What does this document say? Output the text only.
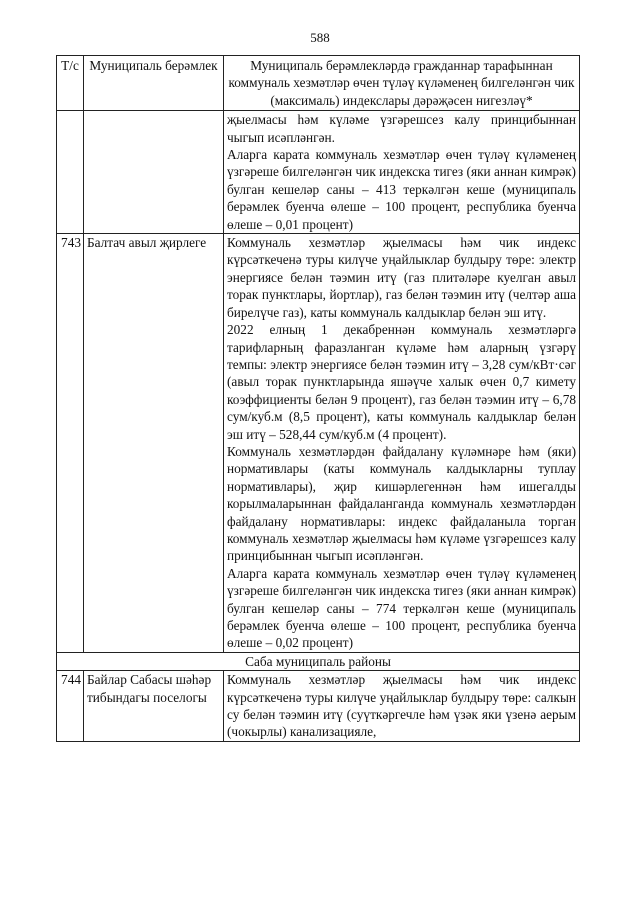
588
Т/с	Муниципаль берәмлек	Муниципаль берәмлекләрдә гражданнар тарафыннан коммуналь хезмәтләр өчен түләү күләменең билгеләнгән чик (максималь) индекслары дәрәҗәсен нигезләү*

		җыелмасы һәм күләме үзгәрешсез калу принцибыннан чыгып исәпләнгән.

Аларга карата коммуналь хезмәтләр өчен түләү күләменең үзгәреше билгеләнгән чик индекска тигез (яки аннан кимрәк) булган кешеләр саны – 413 теркәлгән кеше (муниципаль берәмлек буенча өлеше – 100 процент, республика буенча өлеше – 0,01 процент)

743	Балтач авыл җирлеге	Коммуналь хезмәтләр җыелмасы һәм чик индекс күрсәткеченә туры килүче уңайлыклар булдыру төре: электр энергиясе белән тәэмин итү (газ плитәләре куелган авыл торак пунктлары, йортлар), газ белән тәэмин итү (челтәр аша бирелүче газ), каты коммуналь калдыклар белән эш итү.

2022 елның 1 декабреннән коммуналь хезмәтләргә тарифларның фаразланган күләме һәм аларның үзгәрү темпы: электр энергиясе белән тәэмин итү – 3,28 сум/кВт·сәг (авыл торак пунктларында яшәүче халык өчен 0,7 кимету коэффициенты белән 9 процент), газ белән тәэмин итү – 6,78 сум/куб.м (8,5 процент), каты коммуналь калдыклар белән эш итү – 528,44 сум/куб.м (4 процент).

Коммуналь хезмәтләрдән файдалану күләмнәре һәм (яки) нормативлары (каты коммуналь калдыкларны туплау нормативлары), җир кишәрлегеннән һәм ишегалды корылмаларыннан файдаланганда коммуналь хезмәтләрдән файдалану нормативлары: индекс файдаланыла торган коммуналь хезмәтләр җыелмасы һәм күләме үзгәрешсез калу принцибыннан чыгып исәпләнгән.

Аларга карата коммуналь хезмәтләр өчен түләү күләменең үзгәреше билгеләнгән чик индекска тигез (яки аннан кимрәк) булган кешеләр саны – 774 теркәлгән кеше (муниципаль берәмлек буенча өлеше – 100 процент, республика буенча өлеше – 0,02 процент)

Саба муниципаль районы		
744	Байлар Сабасы шәһәр тибындагы поселогы	Коммуналь хезмәтләр җыелмасы һәм чик индекс күрсәткеченә туры килүче уңайлыклар булдыру төре: салкын су белән тәэмин итү (суүткәргечле һәм үзәк яки үзенә аерым (чокырлы) канализацияле,
